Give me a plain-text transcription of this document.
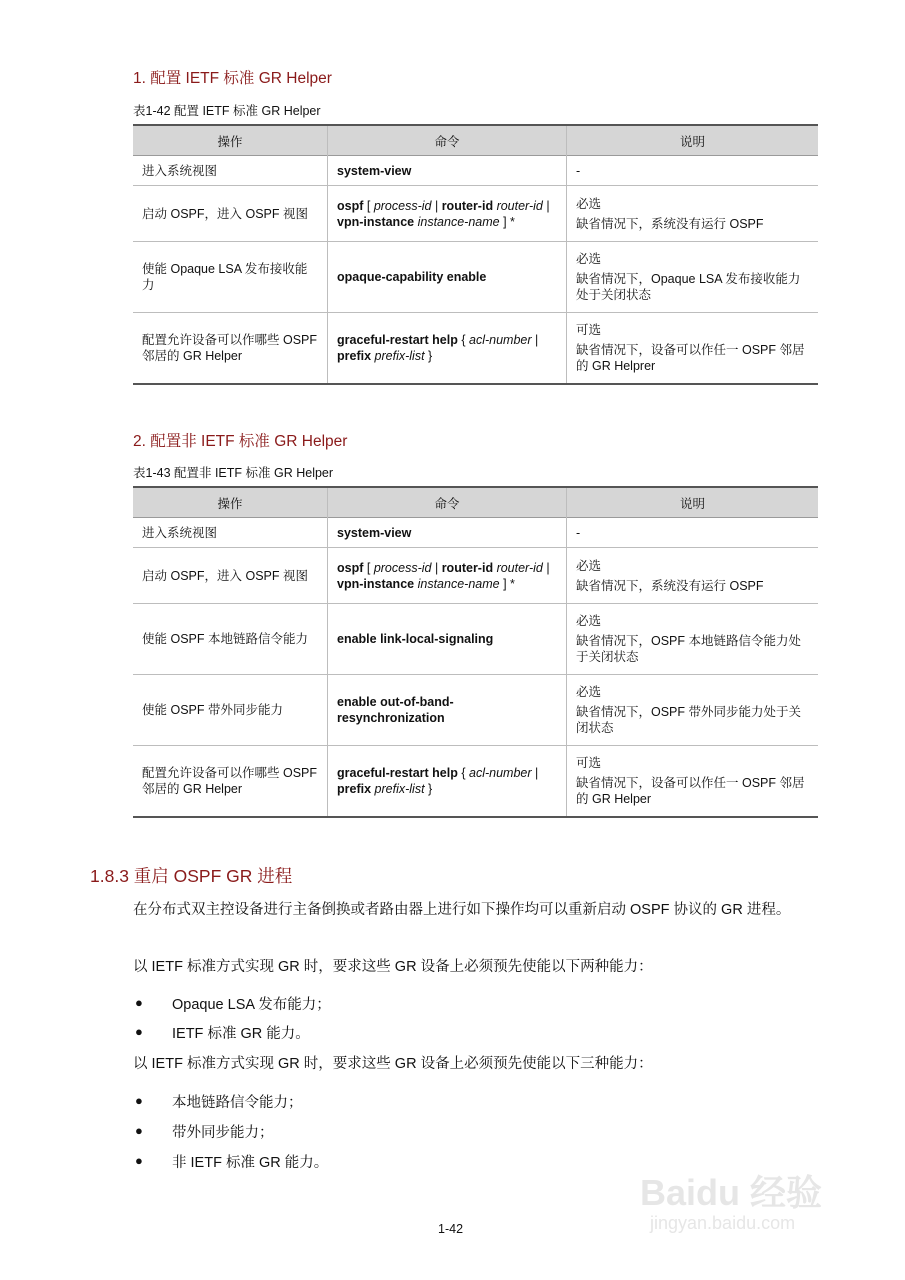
1. 配置 IETF 标准 GR Helper
表1-42 配置 IETF 标准 GR Helper
操作	命令	说明
进入系统视图	system-view	-
启动 OSPF，进入 OSPF 视图	ospf [ process-id | router-id router-id | vpn-instance instance-name ] *	必选
缺省情况下，系统没有运行 OSPF

使能 Opaque LSA 发布接收能力	opaque-capability enable	必选
缺省情况下，Opaque LSA 发布接收能力处于关闭状态

配置允许设备可以作哪些 OSPF 邻居的 GR Helper	graceful-restart help { acl-number | prefix prefix-list }	可选
缺省情况下，设备可以作任一 OSPF 邻居的 GR Helprer
2. 配置非 IETF 标准 GR Helper
表1-43 配置非 IETF 标准 GR Helper
操作	命令	说明
进入系统视图	system-view	-
启动 OSPF，进入 OSPF 视图	ospf [ process-id | router-id router-id | vpn-instance instance-name ] *	必选
缺省情况下，系统没有运行 OSPF

使能 OSPF 本地链路信令能力	enable link-local-signaling	必选
缺省情况下，OSPF 本地链路信令能力处于关闭状态

使能 OSPF 带外同步能力	enable out-of-band-resynchronization	必选
缺省情况下，OSPF 带外同步能力处于关闭状态

配置允许设备可以作哪些 OSPF 邻居的 GR Helper	graceful-restart help { acl-number | prefix prefix-list }	可选
缺省情况下，设备可以作任一 OSPF 邻居的 GR Helper
1.8.3 重启 OSPF GR 进程
在分布式双主控设备进行主备倒换或者路由器上进行如下操作均可以重新启动 OSPF 协议的 GR 进程。
以 IETF 标准方式实现 GR 时，要求这些 GR 设备上必须预先使能以下两种能力：
● Opaque LSA 发布能力；
● IETF 标准 GR 能力。
以 IETF 标准方式实现 GR 时，要求这些 GR 设备上必须预先使能以下三种能力：
● 本地链路信令能力；
● 带外同步能力；
● 非 IETF 标准 GR 能力。
1-42
Baidu 经验
jingyan.baidu.com
